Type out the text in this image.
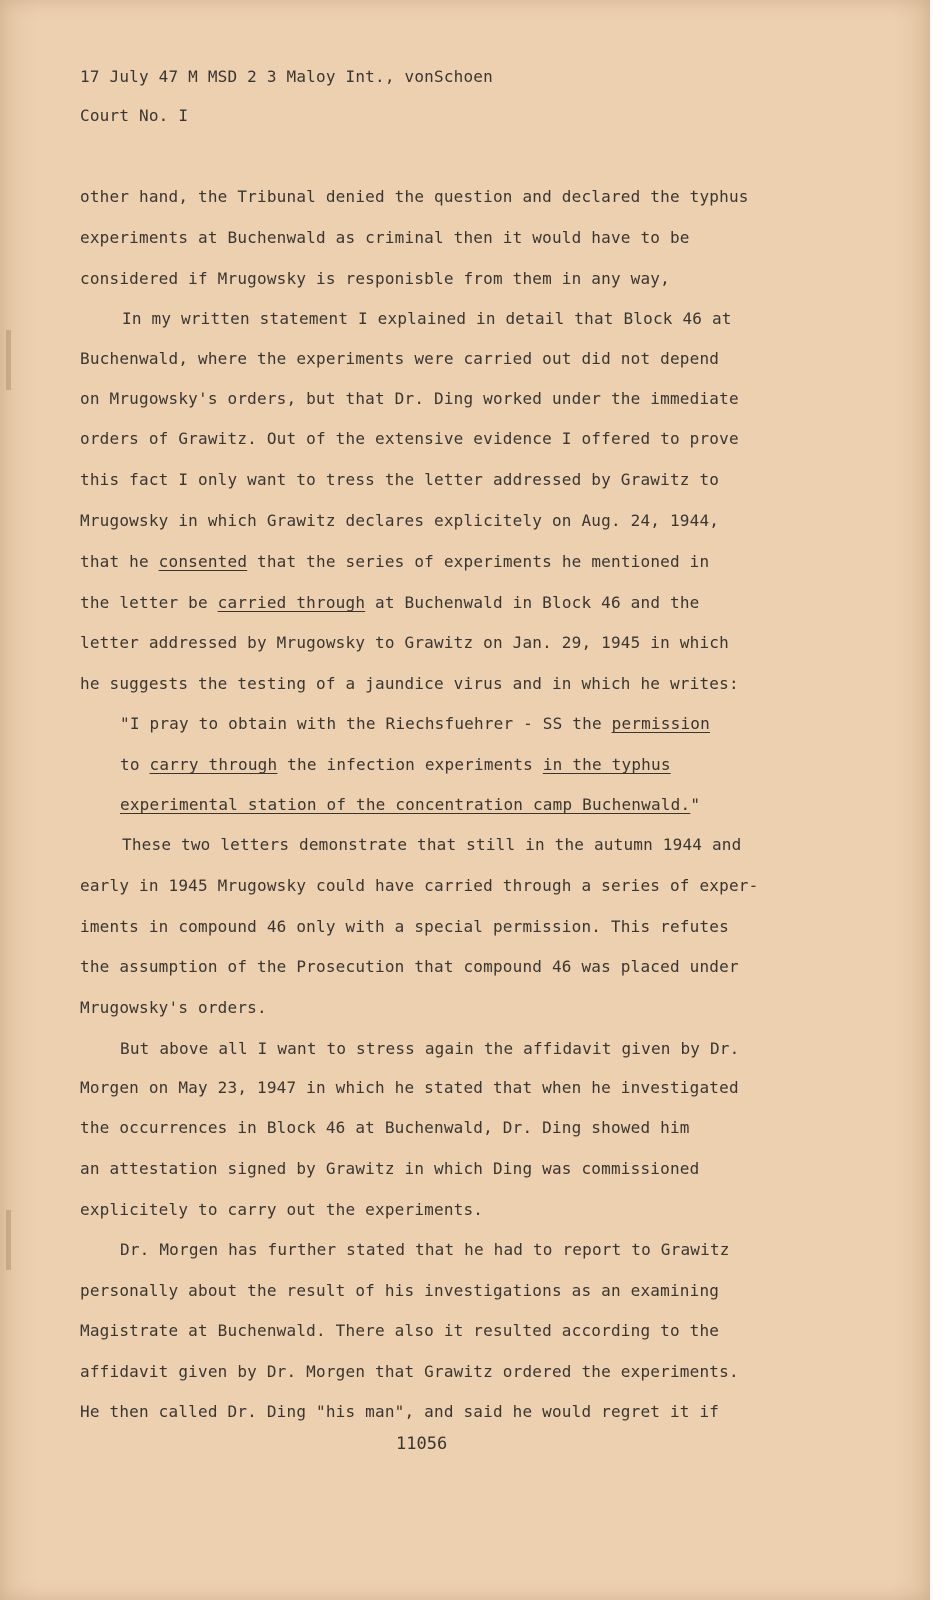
17 July 47 M MSD 2 3 Maloy Int., vonSchoen
Court No. I
other hand, the Tribunal denied the question and declared the typhus
experiments at Buchenwald as criminal then it would have to be
considered if Mrugowsky is responisble from them in any way,
In my written statement I explained in detail that Block 46 at
Buchenwald, where the experiments were carried out did not depend
on Mrugowsky's orders, but that Dr. Ding worked under the immediate
orders of Grawitz. Out of the extensive evidence I offered to prove
this fact I only want to tress the letter addressed by Grawitz to
Mrugowsky in which Grawitz declares explicitely on Aug. 24, 1944,
that he consented that the series of experiments he mentioned in
the letter be carried through at Buchenwald in Block 46 and the
letter addressed by Mrugowsky to Grawitz on Jan. 29, 1945 in which
he suggests the testing of a jaundice virus and in which he writes:
"I pray to obtain with the Riechsfuehrer - SS the permission
to carry through the infection experiments in the typhus
experimental station of the concentration camp Buchenwald."
These two letters demonstrate that still in the autumn 1944 and
early in 1945 Mrugowsky could have carried through a series of exper-
iments in compound 46 only with a special permission. This refutes
the assumption of the Prosecution that compound 46 was placed under
Mrugowsky's orders.
But above all I want to stress again the affidavit given by Dr.
Morgen on May 23, 1947 in which he stated that when he investigated
the occurrences in Block 46 at Buchenwald, Dr. Ding showed him
an attestation signed by Grawitz in which Ding was commissioned
explicitely to carry out the experiments.
Dr. Morgen has further stated that he had to report to Grawitz
personally about the result of his investigations as an examining
Magistrate at Buchenwald. There also it resulted according to the
affidavit given by Dr. Morgen that Grawitz ordered the experiments.
He then called Dr. Ding "his man", and said he would regret it if
11056
